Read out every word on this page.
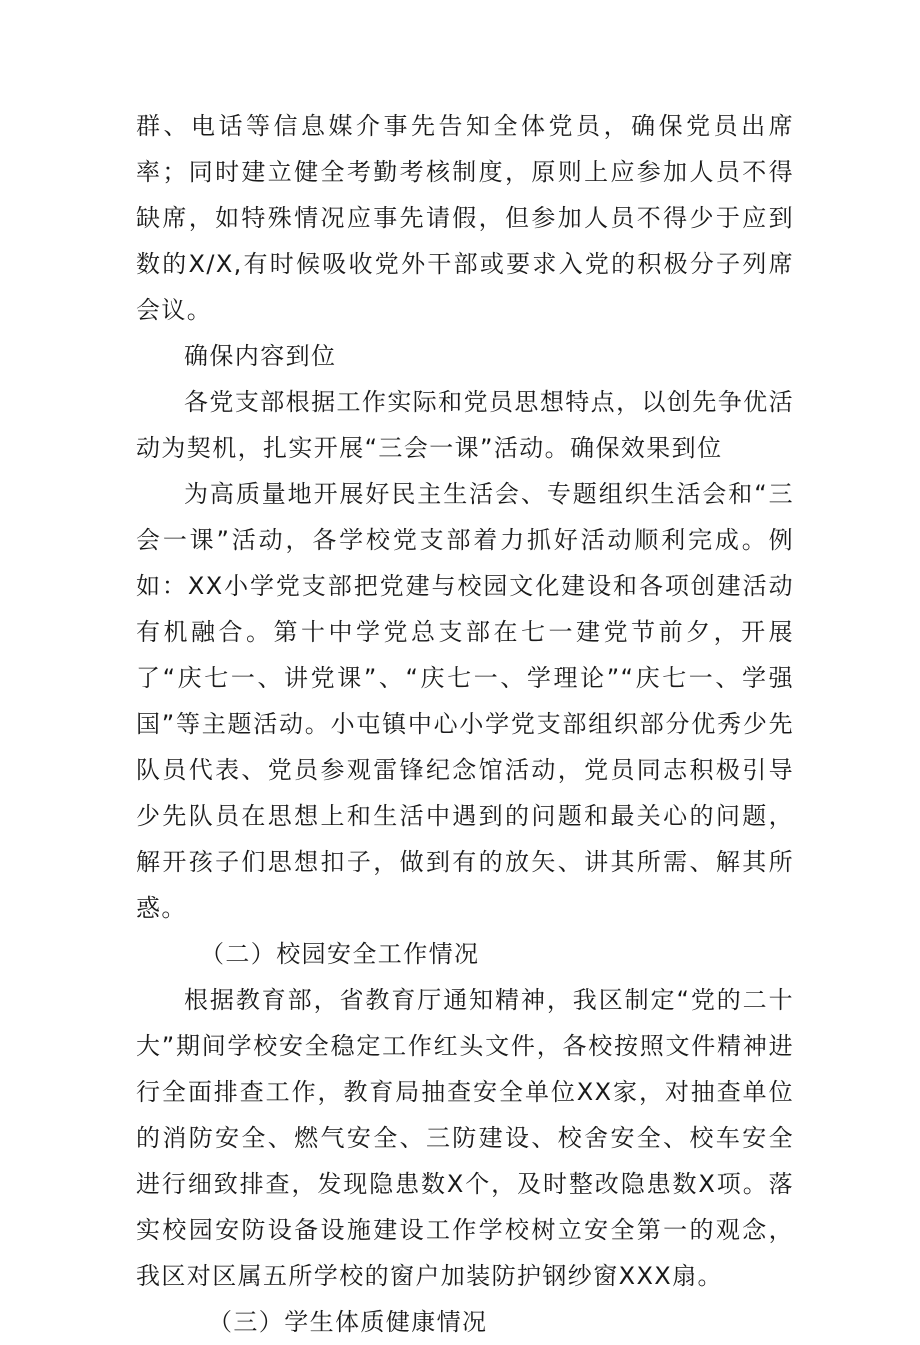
群、电话等信息媒介事先告知全体党员，确保党员出席率；同时建立健全考勤考核制度，原则上应参加人员不得缺席，如特殊情况应事先请假，但参加人员不得少于应到数的X/X,有时候吸收党外干部或要求入党的积极分子列席会议。

确保内容到位

各党支部根据工作实际和党员思想特点，以创先争优活动为契机，扎实开展“三会一课”活动。确保效果到位

为高质量地开展好民主生活会、专题组织生活会和“三会一课”活动，各学校党支部着力抓好活动顺利完成。例如：XX小学党支部把党建与校园文化建设和各项创建活动有机融合。第十中学党总支部在七一建党节前夕，开展了“庆七一、讲党课”、“庆七一、学理论”“庆七一、学强国”等主题活动。小屯镇中心小学党支部组织部分优秀少先队员代表、党员参观雷锋纪念馆活动，党员同志积极引导少先队员在思想上和生活中遇到的问题和最关心的问题，解开孩子们思想扣子，做到有的放矢、讲其所需、解其所惑。

（二）校园安全工作情况

根据教育部，省教育厅通知精神，我区制定“党的二十大”期间学校安全稳定工作红头文件，各校按照文件精神进行全面排查工作，教育局抽查安全单位XX家，对抽查单位的消防安全、燃气安全、三防建设、校舍安全、校车安全进行细致排查，发现隐患数X个，及时整改隐患数X项。落实校园安防设备设施建设工作学校树立安全第一的观念，我区对区属五所学校的窗户加装防护钢纱窗XXX扇。

（三）学生体质健康情况
